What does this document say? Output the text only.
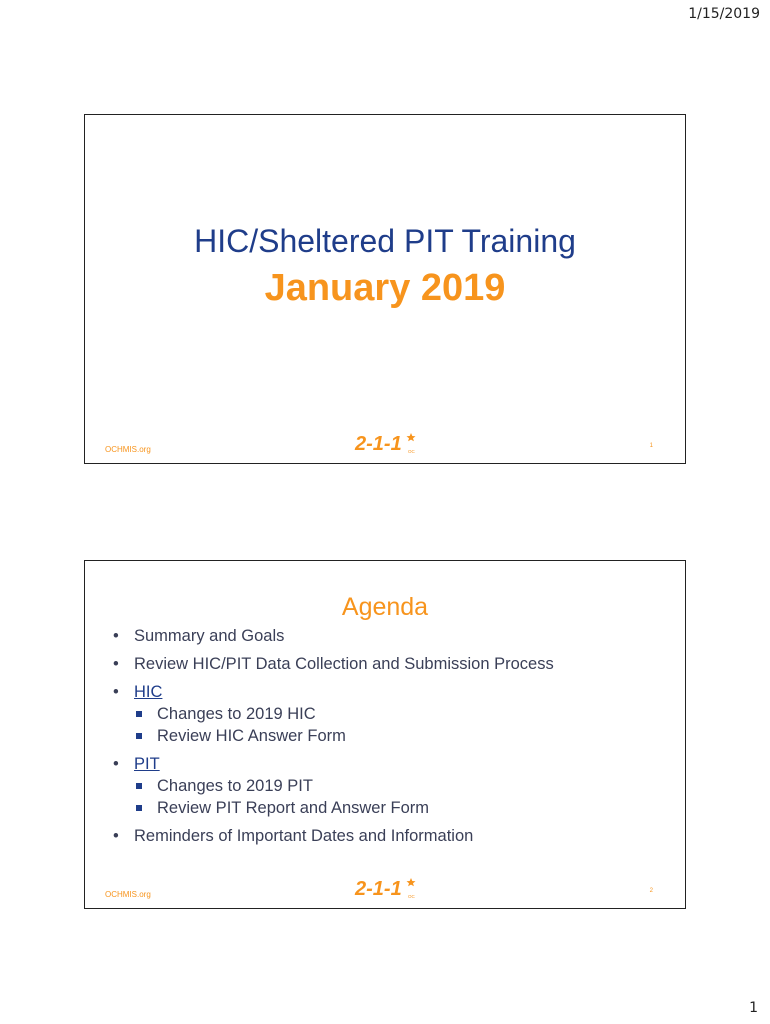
1/15/2019
HIC/Sheltered PIT Training
January 2019
OCHMIS.org	2-1-1 OC
1
Agenda
• Summary and Goals
• Review HIC/PIT Data Collection and Submission Process
• HIC
Changes to 2019 HIC
Review HIC Answer Form
• PIT
Changes to 2019 PIT
Review PIT Report and Answer Form
• Reminders of Important Dates and Information
OCHMIS.org	2-1-1 OC
2
1
